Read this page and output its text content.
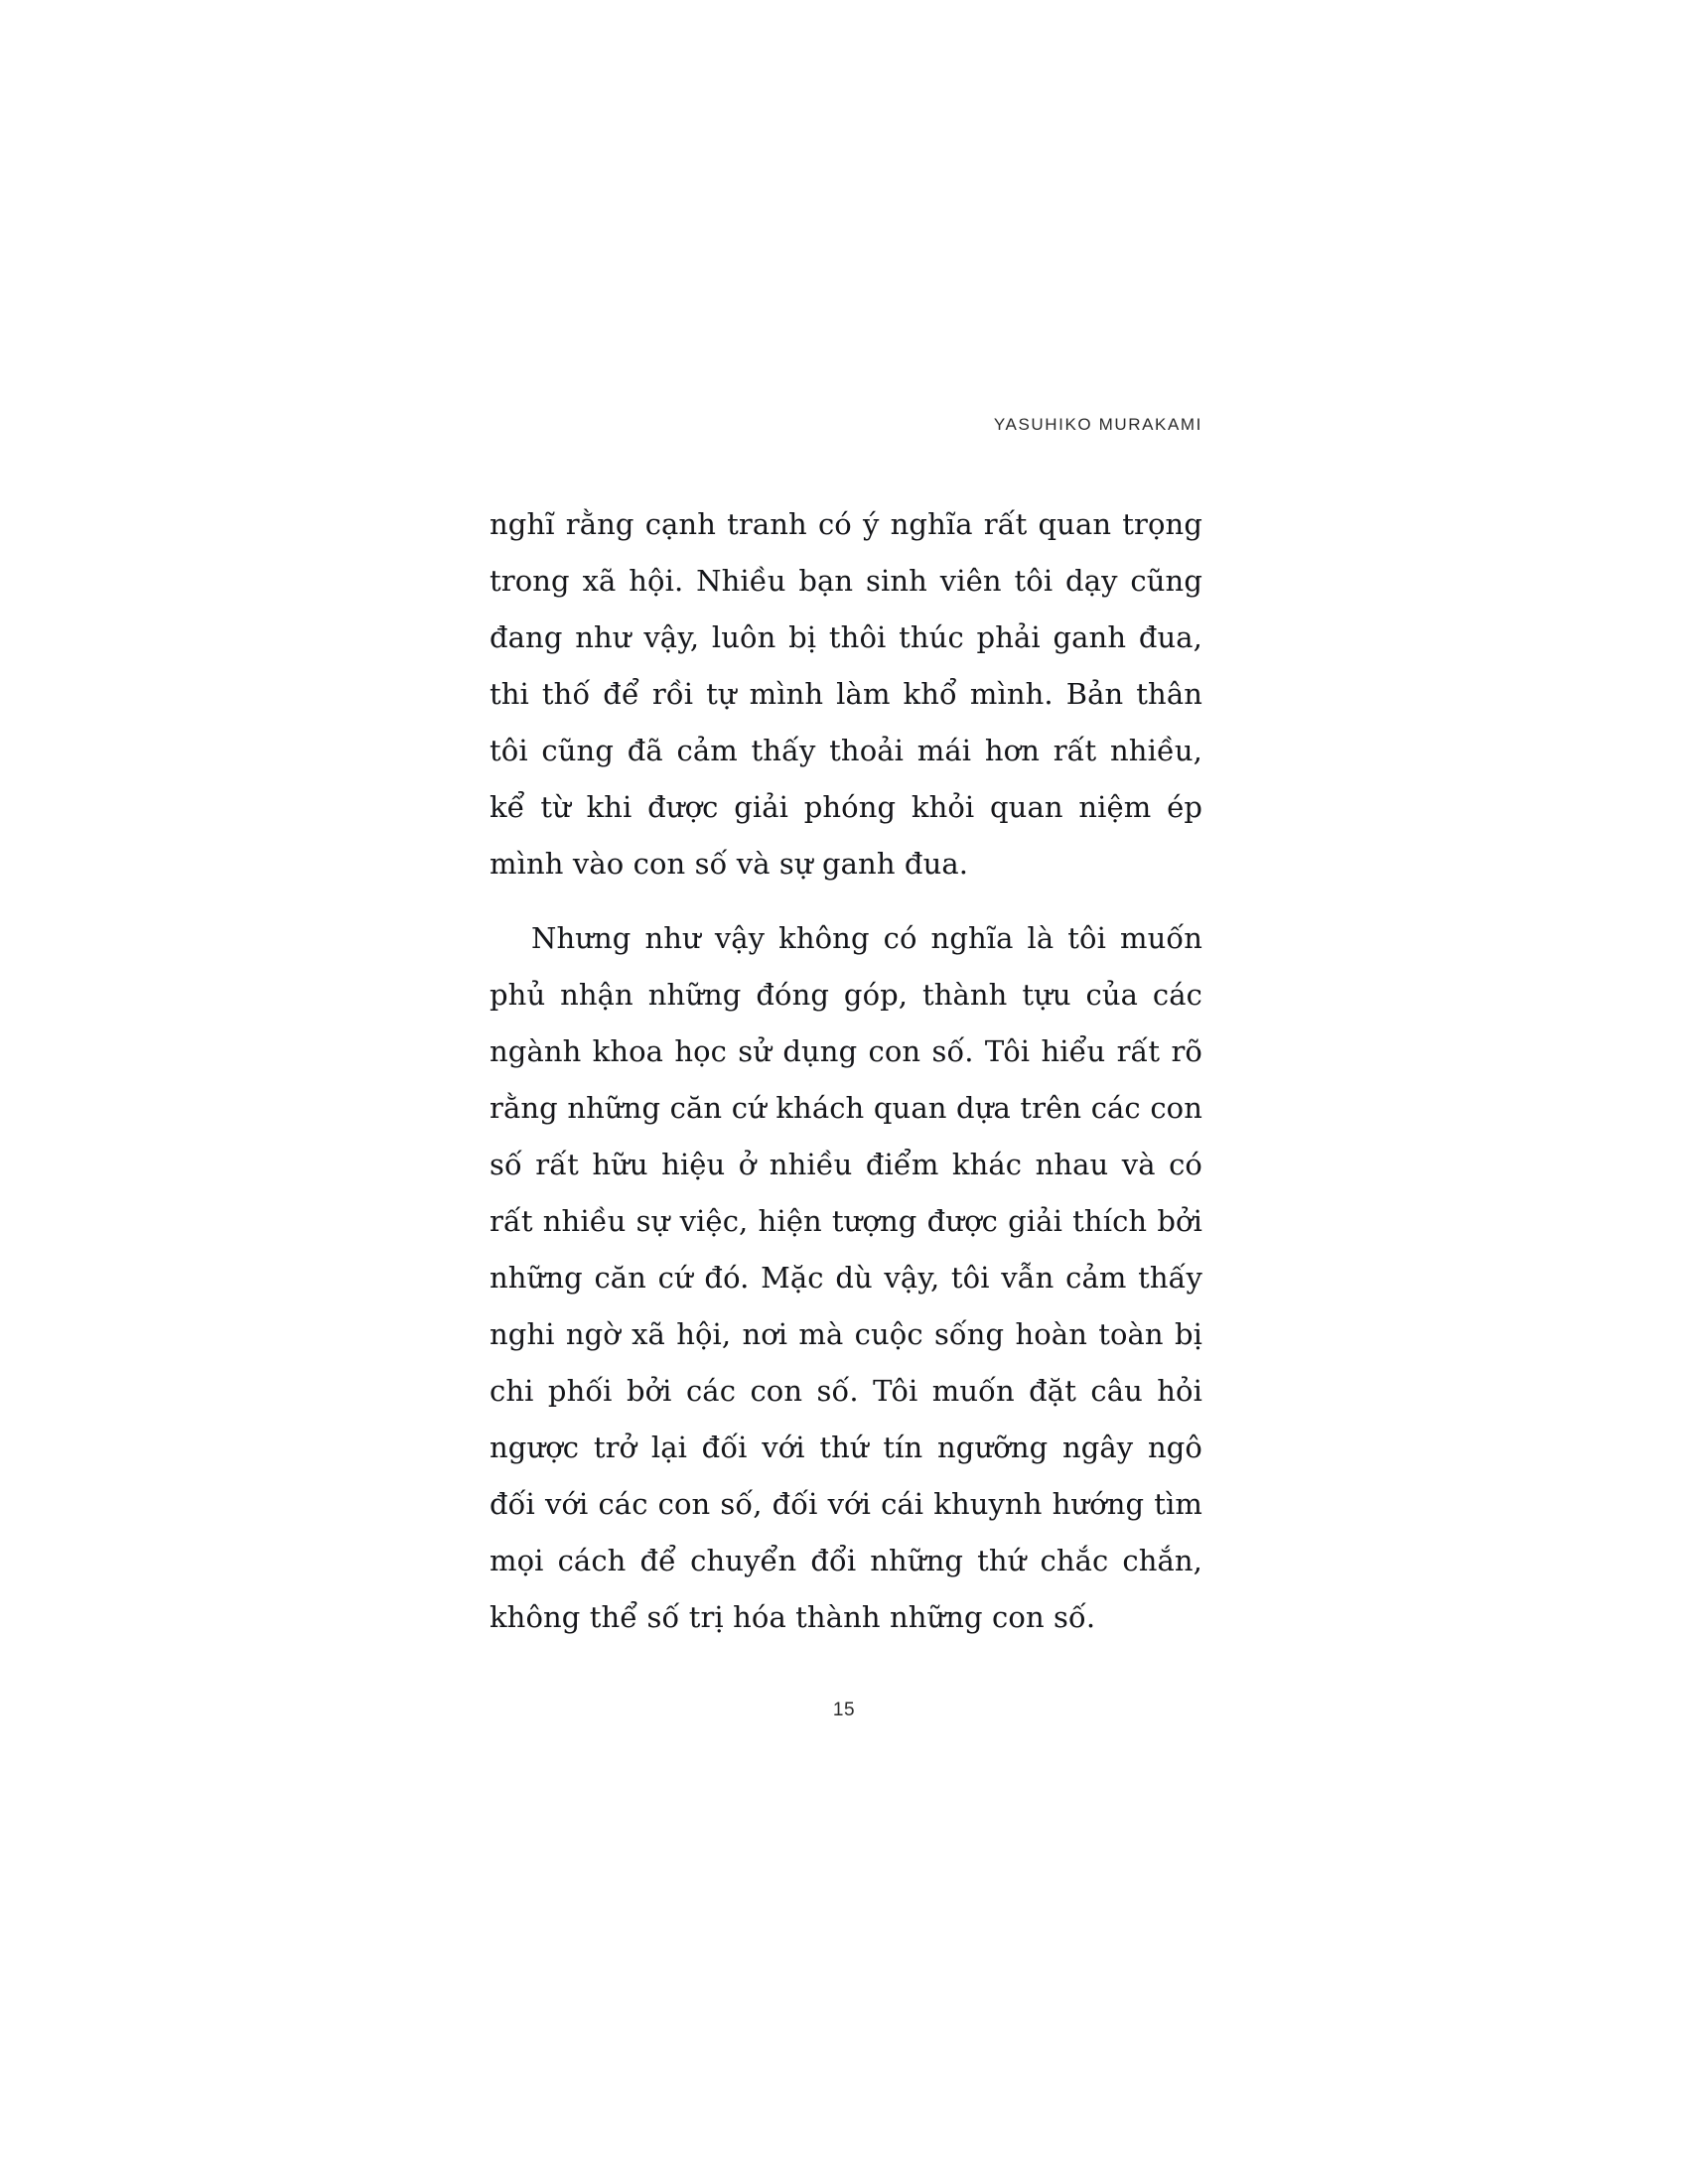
YASUHIKO MURAKAMI

nghĩ rằng cạnh tranh có ý nghĩa rất quan trọng trong xã hội. Nhiều bạn sinh viên tôi dạy cũng đang như vậy, luôn bị thôi thúc phải ganh đua, thi thố để rồi tự mình làm khổ mình. Bản thân tôi cũng đã cảm thấy thoải mái hơn rất nhiều, kể từ khi được giải phóng khỏi quan niệm ép mình vào con số và sự ganh đua.

Nhưng như vậy không có nghĩa là tôi muốn phủ nhận những đóng góp, thành tựu của các ngành khoa học sử dụng con số. Tôi hiểu rất rõ rằng những căn cứ khách quan dựa trên các con số rất hữu hiệu ở nhiều điểm khác nhau và có rất nhiều sự việc, hiện tượng được giải thích bởi những căn cứ đó. Mặc dù vậy, tôi vẫn cảm thấy nghi ngờ xã hội, nơi mà cuộc sống hoàn toàn bị chi phối bởi các con số. Tôi muốn đặt câu hỏi ngược trở lại đối với thứ tín ngưỡng ngây ngô đối với các con số, đối với cái khuynh hướng tìm mọi cách để chuyển đổi những thứ chắc chắn, không thể số trị hóa thành những con số.

15
